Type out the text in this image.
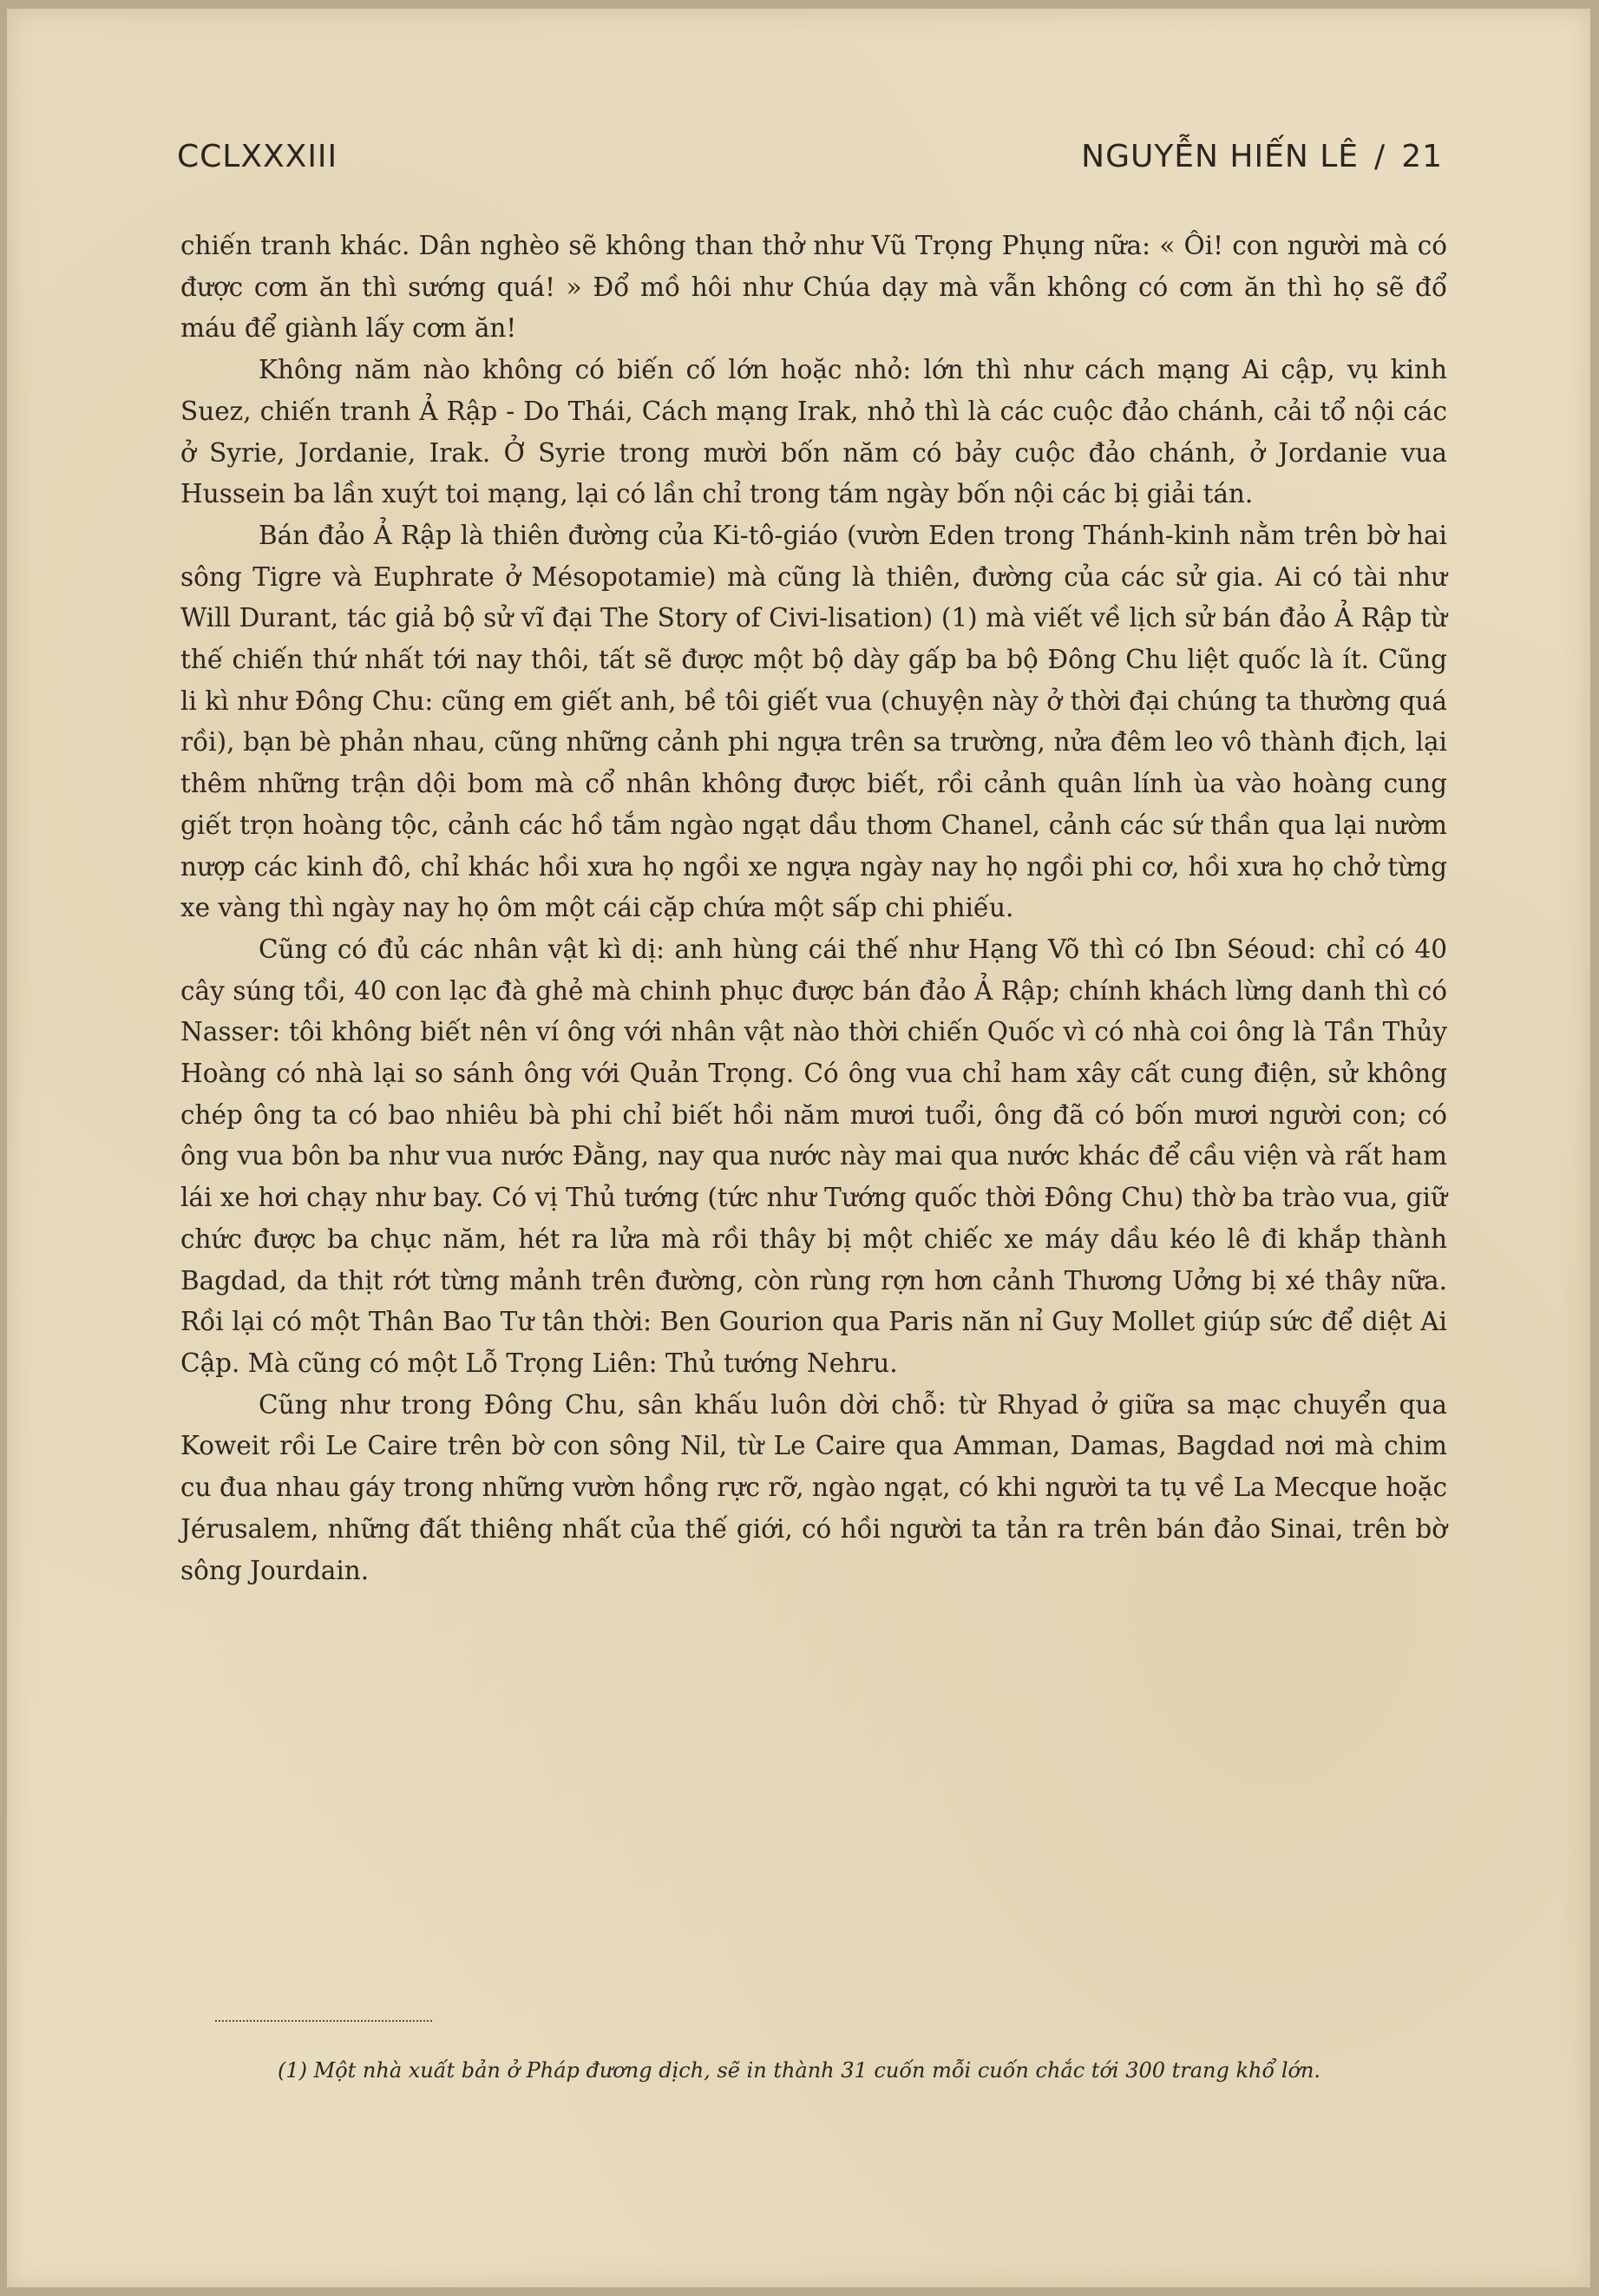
CCLXXXIII	NGUYỄN HIẾN LÊ / 21

chiến tranh khác. Dân nghèo sẽ không than thở như Vũ Trọng Phụng nữa: « Ôi! con người mà có được cơm ăn thì sướng quá! » Đổ mồ hôi như Chúa dạy mà vẫn không có cơm ăn thì họ sẽ đổ máu để giành lấy cơm ăn!

Không năm nào không có biến cố lớn hoặc nhỏ: lớn thì như cách mạng Ai cập, vụ kinh Suez, chiến tranh Ả Rập - Do Thái, Cách mạng Irak, nhỏ thì là các cuộc đảo chánh, cải tổ nội các ở Syrie, Jordanie, Irak. Ở Syrie trong mười bốn năm có bảy cuộc đảo chánh, ở Jordanie vua Hussein ba lần xuýt toi mạng, lại có lần chỉ trong tám ngày bốn nội các bị giải tán.

Bán đảo Ả Rập là thiên đường của Ki-tô-giáo (vườn Eden trong Thánh-kinh nằm trên bờ hai sông Tigre và Euphrate ở Mésopotamie) mà cũng là thiên, đường của các sử gia. Ai có tài như Will Durant, tác giả bộ sử vĩ đại The Story of Civi-lisation) (1) mà viết về lịch sử bán đảo Ả Rập từ thế chiến thứ nhất tới nay thôi, tất sẽ được một bộ dày gấp ba bộ Đông Chu liệt quốc là ít. Cũng li kì như Đông Chu: cũng em giết anh, bề tôi giết vua (chuyện này ở thời đại chúng ta thường quá rồi), bạn bè phản nhau, cũng những cảnh phi ngựa trên sa trường, nửa đêm leo vô thành địch, lại thêm những trận dội bom mà cổ nhân không được biết, rồi cảnh quân lính ùa vào hoàng cung giết trọn hoàng tộc, cảnh các hồ tắm ngào ngạt dầu thơm Chanel, cảnh các sứ thần qua lại nườm nượp các kinh đô, chỉ khác hồi xưa họ ngồi xe ngựa ngày nay họ ngồi phi cơ, hồi xưa họ chở từng xe vàng thì ngày nay họ ôm một cái cặp chứa một sấp chi phiếu.

Cũng có đủ các nhân vật kì dị: anh hùng cái thế như Hạng Võ thì có Ibn Séoud: chỉ có 40 cây súng tồi, 40 con lạc đà ghẻ mà chinh phục được bán đảo Ả Rập; chính khách lừng danh thì có Nasser: tôi không biết nên ví ông với nhân vật nào thời chiến Quốc vì có nhà coi ông là Tần Thủy Hoàng có nhà lại so sánh ông với Quản Trọng. Có ông vua chỉ ham xây cất cung điện, sử không chép ông ta có bao nhiêu bà phi chỉ biết hồi năm mươi tuổi, ông đã có bốn mươi người con; có ông vua bôn ba như vua nước Đằng, nay qua nước này mai qua nước khác để cầu viện và rất ham lái xe hơi chạy như bay. Có vị Thủ tướng (tức như Tướng quốc thời Đông Chu) thờ ba trào vua, giữ chức được ba chục năm, hét ra lửa mà rồi thây bị một chiếc xe máy dầu kéo lê đi khắp thành Bagdad, da thịt rớt từng mảnh trên đường, còn rùng rợn hơn cảnh Thương Uởng bị xé thây nữa. Rồi lại có một Thân Bao Tư tân thời: Ben Gourion qua Paris năn nỉ Guy Mollet giúp sức để diệt Ai Cập. Mà cũng có một Lỗ Trọng Liên: Thủ tướng Nehru.

Cũng như trong Đông Chu, sân khấu luôn dời chỗ: từ Rhyad ở giữa sa mạc chuyển qua Koweit rồi Le Caire trên bờ con sông Nil, từ Le Caire qua Amman, Damas, Bagdad nơi mà chim cu đua nhau gáy trong những vườn hồng rực rỡ, ngào ngạt, có khi người ta tụ về La Mecque hoặc Jérusalem, những đất thiêng nhất của thế giới, có hồi người ta tản ra trên bán đảo Sinai, trên bờ sông Jourdain.

(1) Một nhà xuất bản ở Pháp đương dịch, sẽ in thành 31 cuốn mỗi cuốn chắc tới 300 trang khổ lớn.
